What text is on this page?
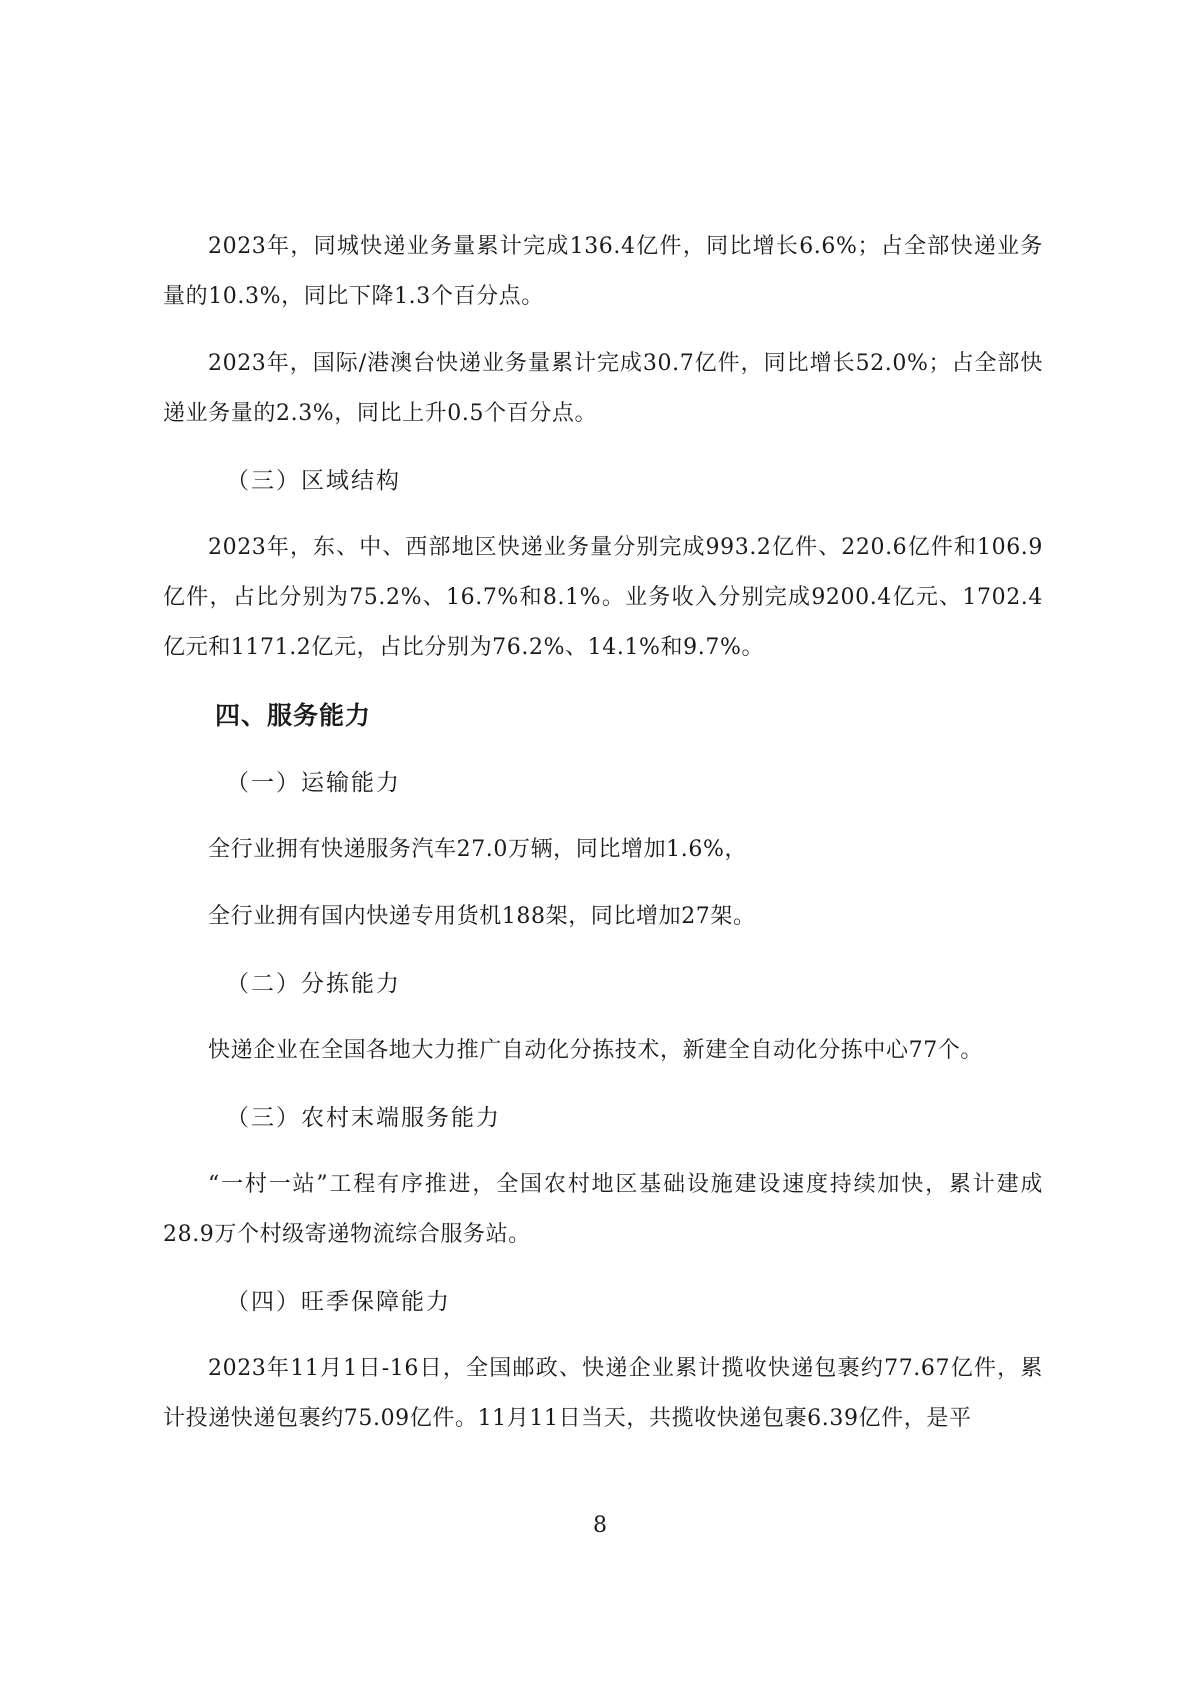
2023年，同城快递业务量累计完成136.4亿件，同比增长6.6%；占全部快递业务量的10.3%，同比下降1.3个百分点。

2023年，国际/港澳台快递业务量累计完成30.7亿件，同比增长52.0%；占全部快递业务量的2.3%，同比上升0.5个百分点。

（三）区域结构

2023年，东、中、西部地区快递业务量分别完成993.2亿件、220.6亿件和106.9亿件，占比分别为75.2%、16.7%和8.1%。业务收入分别完成9200.4亿元、1702.4亿元和1171.2亿元，占比分别为76.2%、14.1%和9.7%。

四、服务能力

（一）运输能力

全行业拥有快递服务汽车27.0万辆，同比增加1.6%，

全行业拥有国内快递专用货机188架，同比增加27架。

（二）分拣能力

快递企业在全国各地大力推广自动化分拣技术，新建全自动化分拣中心77个。

（三）农村末端服务能力

“一村一站”工程有序推进，全国农村地区基础设施建设速度持续加快，累计建成28.9万个村级寄递物流综合服务站。

（四）旺季保障能力

2023年11月1日-16日，全国邮政、快递企业累计揽收快递包裹约77.67亿件，累计投递快递包裹约75.09亿件。11月11日当天，共揽收快递包裹6.39亿件，是平

8
